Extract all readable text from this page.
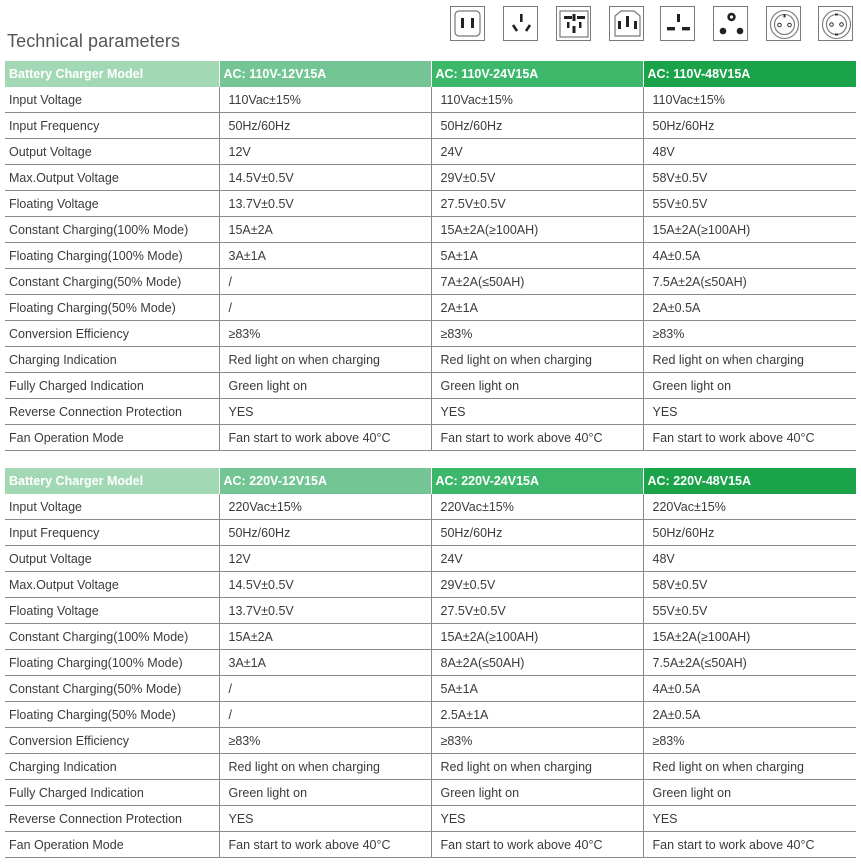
Technical parameters
Battery Charger Model	AC: 110V-12V15A	AC: 110V-24V15A	AC: 110V-48V15A
Input Voltage	110Vac±15%	110Vac±15%	110Vac±15%
Input Frequency	50Hz/60Hz	50Hz/60Hz	50Hz/60Hz
Output Voltage	12V	24V	48V
Max.Output Voltage	14.5V±0.5V	29V±0.5V	58V±0.5V
Floating Voltage	13.7V±0.5V	27.5V±0.5V	55V±0.5V
Constant Charging(100% Mode)	15A±2A	15A±2A(≥100AH)	15A±2A(≥100AH)
Floating Charging(100% Mode)	3A±1A	5A±1A	4A±0.5A
Constant Charging(50% Mode)	/	7A±2A(≤50AH)	7.5A±2A(≤50AH)
Floating Charging(50% Mode)	/	2A±1A	2A±0.5A
Conversion Efficiency	≥83%	≥83%	≥83%
Charging Indication	Red light on when charging	Red light on when charging	Red light on when charging
Fully Charged Indication	Green light on	Green light on	Green light on
Reverse Connection Protection	YES	YES	YES
Fan Operation Mode	Fan start to work above 40°C	Fan start to work above 40°C	Fan start to work above 40°C
Battery Charger Model	AC: 220V-12V15A	AC: 220V-24V15A	AC: 220V-48V15A
Input Voltage	220Vac±15%	220Vac±15%	220Vac±15%
Input Frequency	50Hz/60Hz	50Hz/60Hz	50Hz/60Hz
Output Voltage	12V	24V	48V
Max.Output Voltage	14.5V±0.5V	29V±0.5V	58V±0.5V
Floating Voltage	13.7V±0.5V	27.5V±0.5V	55V±0.5V
Constant Charging(100% Mode)	15A±2A	15A±2A(≥100AH)	15A±2A(≥100AH)
Floating Charging(100% Mode)	3A±1A	8A±2A(≤50AH)	7.5A±2A(≤50AH)
Constant Charging(50% Mode)	/	5A±1A	4A±0.5A
Floating Charging(50% Mode)	/	2.5A±1A	2A±0.5A
Conversion Efficiency	≥83%	≥83%	≥83%
Charging Indication	Red light on when charging	Red light on when charging	Red light on when charging
Fully Charged Indication	Green light on	Green light on	Green light on
Reverse Connection Protection	YES	YES	YES
Fan Operation Mode	Fan start to work above 40°C	Fan start to work above 40°C	Fan start to work above 40°C
